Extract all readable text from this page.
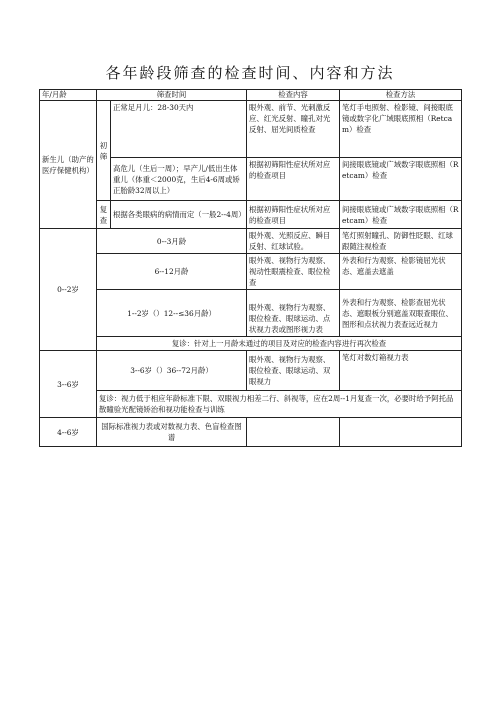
各年龄段筛查的检查时间、内容和方法
年/月龄	筛查时间		检查内容	检查方法
新生儿（助产的医疗保健机构）	初筛	正常足月儿：28-30天内	眼外观、前节、光刺激反应、红光反射、瞳孔对光反射、屈光间质检查	笔灯手电照射、检影镜、间接眼底镜或数字化广域眼底照相（Retcam）检查
		高危儿（生后一周）；早产儿/低出生体重儿（体重＜2000克，生后4-6周或矫正胎龄32周以上）	根据初筛阳性症状所对应的检查项目	间接眼底镜或广域数字眼底照相（Retcam）检查
	复查	根据各类眼病的病情而定（一般2--4周）	根据初筛阳性症状所对应的检查项目	间接眼底镜或广域数字眼底照相（Retcam）检查
0--2岁	0--3月龄		眼外观、光照反应、瞬目反射、红球试验。	笔灯照射瞳孔、防御性眨眼、红球跟随注视检查
	6--12月龄		眼外观、视物行为观察、视动性眼震检查、眼位检查	外表和行为观察、检影镜屈光状态、遮盖去遮盖
	1--2岁（）12--≤36月龄）		眼外观、视物行为观察、眼位检查、眼球运动、点状视力表或图形视力表	外表和行为观察、检影查屈光状态、遮眼板分别遮盖双眼查眼位、图形和点状视力表查远近视力
	复诊：针对上一月龄未通过的项目及对应的检查内容进行再次检查			
3--6岁	3--6岁（）36--72月龄）		眼外观、视物行为观察、眼位检查、眼球运动、双眼视力	笔灯对数灯箱视力表
	复诊：视力低于相应年龄标准下限、双眼视力相差二行、斜视等，应在2周--1月复查一次，必要时给予阿托品散瞳验光配镜矫治和视功能检查与训练			
4--6岁	国际标准视力表或对数视力表、色盲检查图谱			
